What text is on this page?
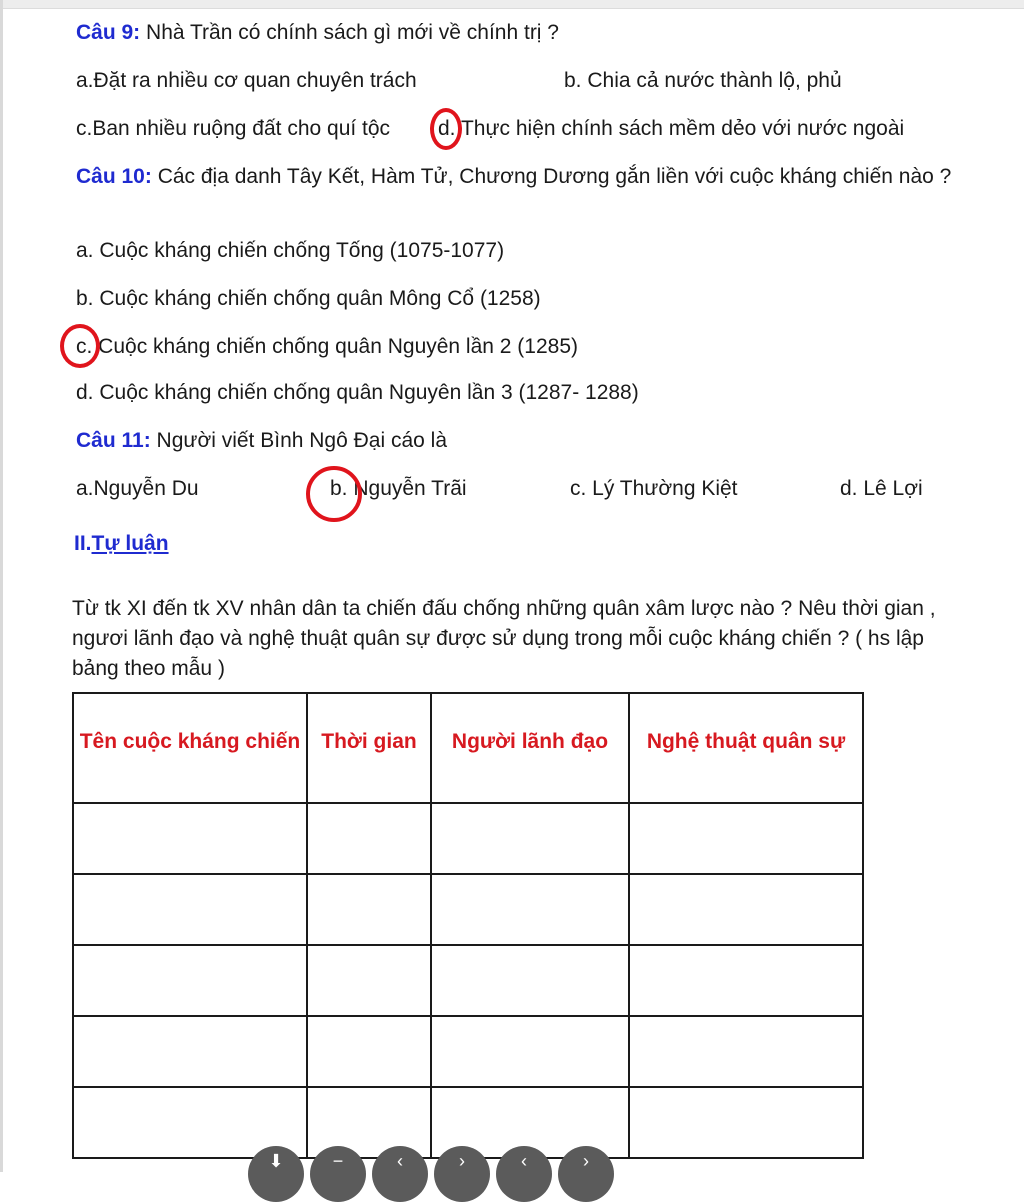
Câu 9: Nhà Trần có chính sách gì mới về chính trị ?
a.Đặt ra nhiều cơ quan chuyên trách	b. Chia cả nước thành lộ, phủ
c.Ban nhiều ruộng đất cho quí tộc d. Thực hiện chính sách mềm dẻo với nước ngoài
Câu 10: Các địa danh Tây Kết, Hàm Tử, Chương Dương gắn liền với cuộc kháng chiến nào ?
a. Cuộc kháng chiến chống Tống (1075-1077)
b. Cuộc kháng chiến chống quân Mông Cổ (1258)
c. Cuộc kháng chiến chống quân Nguyên lần 2 (1285)
d. Cuộc kháng chiến chống quân Nguyên lần 3 (1287- 1288)
Câu 11: Người viết Bình Ngô Đại cáo là
a.Nguyễn Du	b. Nguyễn Trãi	c. Lý Thường Kiệt	d. Lê Lợi
II.Tự luận
Từ tk XI đến tk XV nhân dân ta chiến đấu chống những quân xâm lược nào ? Nêu thời gian , ngươi lãnh đạo và nghệ thuật quân sự được sử dụng trong mỗi cuộc kháng chiến ? ( hs lập bảng theo mẫu )
Tên cuộc kháng chiến	Thời gian	Người lãnh đạo	Nghệ thuật quân sự

⬇	−	‹	›	‹	›
